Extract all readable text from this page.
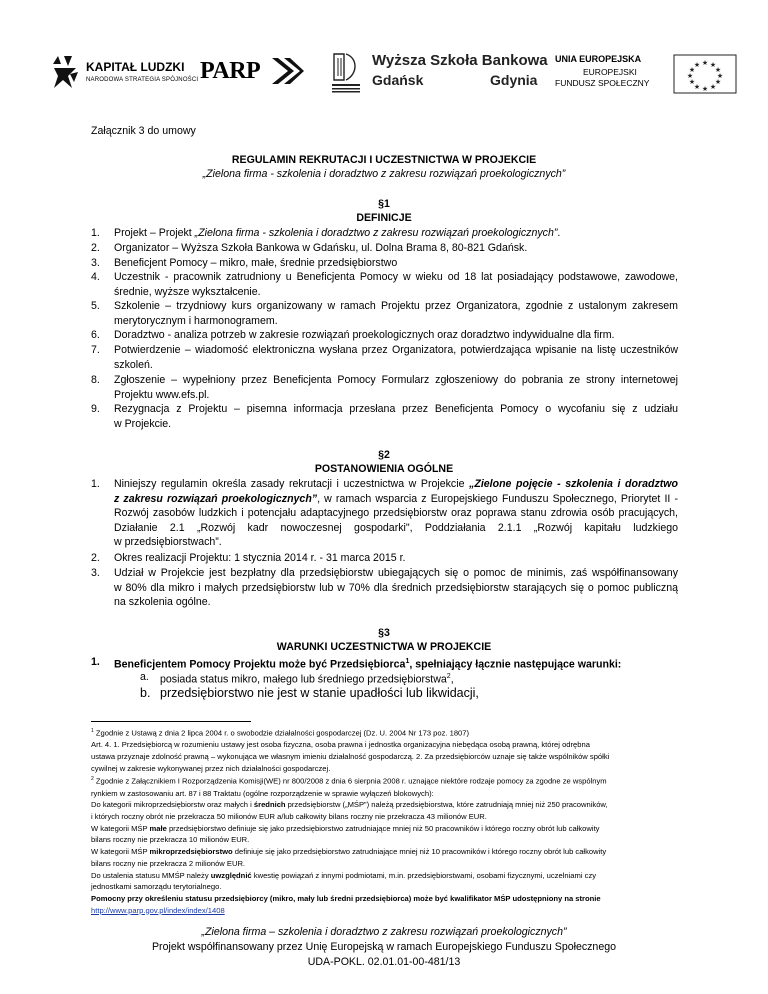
KAPITAŁ LUDZKI
NARODOWA STRATEGIA SPÓJNOŚCI PARP	Wyższa Szkoła Bankowa
Gdańsk	Gdynia
UNIA EUROPEJSKA
EUROPEJSKI
FUNDUSZ SPOŁECZNY
★ ★
★
★
★
★
★
★
★
★
★
★
Załącznik 3 do umowy
REGULAMIN REKRUTACJI I UCZESTNICTWA W PROJEKCIE
„Zielona firma - szkolenia i doradztwo z zakresu rozwiązań proekologicznych”
§1
DEFINICJE
1. Projekt – Projekt „Zielona firma - szkolenia i doradztwo z zakresu rozwiązań proekologicznych”.
2. Organizator – Wyższa Szkoła Bankowa w Gdańsku, ul. Dolna Brama 8, 80-821 Gdańsk.
3. Beneficjent Pomocy – mikro, małe, średnie przedsiębiorstwo
4. Uczestnik - pracownik zatrudniony u Beneficjenta Pomocy w wieku od 18 lat posiadający podstawowe, zawodowe,
średnie, wyższe wykształcenie.
5. Szkolenie – trzydniowy kurs organizowany w ramach Projektu przez Organizatora, zgodnie z ustalonym zakresem
merytorycznym i harmonogramem.
6. Doradztwo - analiza potrzeb w zakresie rozwiązań proekologicznych oraz doradztwo indywidualne dla firm.
7. Potwierdzenie – wiadomość elektroniczna wysłana przez Organizatora, potwierdzająca wpisanie na listę uczestników
szkoleń.
8. Zgłoszenie – wypełniony przez Beneficjenta Pomocy Formularz zgłoszeniowy do pobrania ze strony internetowej
Projektu www.efs.pl.
9. Rezygnacja z Projektu – pisemna informacja przesłana przez Beneficjenta Pomocy o wycofaniu się z udziału
w Projekcie.
§2
POSTANOWIENIA OGÓLNE
1. Niniejszy regulamin określa zasady rekrutacji i uczestnictwa w Projekcie „Zielone pojęcie - szkolenia i doradztwo
z zakresu rozwiązań proekologicznych”, w ramach wsparcia z Europejskiego Funduszu Społecznego, Priorytet II -
Rozwój zasobów ludzkich i potencjału adaptacyjnego przedsiębiorstw oraz poprawa stanu zdrowia osób pracujących,
Działanie 2.1 „Rozwój kadr nowoczesnej gospodarki", Poddziałania 2.1.1 „Rozwój kapitału ludzkiego
w przedsiębiorstwach”.
2. Okres realizacji Projektu: 1 stycznia 2014 r. - 31 marca 2015 r.
3. Udział w Projekcie jest bezpłatny dla przedsiębiorstw ubiegających się o pomoc de minimis, zaś współfinansowany
w 80% dla mikro i małych przedsiębiorstw lub w 70% dla średnich przedsiębiorstw starających się o pomoc publiczną
na szkolenia ogólne.
§3
WARUNKI UCZESTNICTWA W PROJEKCIE
1. Beneficjentem Pomocy Projektu może być Przedsiębiorca$^1$, spełniający łącznie następujące warunki:
a. posiada status mikro, małego lub średniego przedsiębiorstwa$^2$,
b. przedsiębiorstwo nie jest w stanie upadłości lub likwidacji,
$^1$ Zgodnie z Ustawą z dnia 2 lipca 2004 r. o swobodzie działalności gospodarczej (Dz. U. 2004 Nr 173 poz. 1807)
Art. 4. 1. Przedsiębiorcą w rozumieniu ustawy jest osoba fizyczna, osoba prawna i jednostka organizacyjna niebędąca osobą prawną, której odrębna
ustawa przyznaje zdolność prawną – wykonująca we własnym imieniu działalność gospodarczą. 2. Za przedsiębiorców uznaje się także wspólników spółki
cywilnej w zakresie wykonywanej przez nich działalności gospodarczej.
$^2$ Zgodnie z Załącznikiem I Rozporządzenia Komisji(WE) nr 800/2008 z dnia 6 sierpnia 2008 r. uznające niektóre rodzaje pomocy za zgodne ze wspólnym
rynkiem w zastosowaniu art. 87 i 88 Traktatu (ogólne rozporządzenie w sprawie wyłączeń blokowych):
Do kategorii mikroprzedsiębiorstw oraz małych i średnich przedsiębiorstw („MŚP”) należą przedsiębiorstwa, które zatrudniają mniej niż 250 pracowników,
i których roczny obrót nie przekracza 50 milionów EUR a/lub całkowity bilans roczny nie przekracza 43 milionów EUR.
W kategorii MŚP małe przedsiębiorstwo definiuje się jako przedsiębiorstwo zatrudniające mniej niż 50 pracowników i którego roczny obrót lub całkowity
bilans roczny nie przekracza 10 milionów EUR.
W kategorii MŚP mikroprzedsiębiorstwo definiuje się jako przedsiębiorstwo zatrudniające mniej niż 10 pracowników i którego roczny obrót lub całkowity
bilans roczny nie przekracza 2 milionów EUR.
Do ustalenia statusu MMŚP należy uwzględnić kwestię powiązań z innymi podmiotami, m.in. przedsiębiorstwami, osobami fizycznymi, uczelniami czy
jednostkami samorządu terytorialnego.
Pomocny przy określeniu statusu przedsiębiorcy (mikro, mały lub średni przedsiębiorca) może być kwalifikator MŚP udostępniony na stronie
http://www.parp.gov.pl/index/index/1408
„Zielona firma – szkolenia i doradztwo z zakresu rozwiązań proekologicznych”
Projekt współfinansowany przez Unię Europejską w ramach Europejskiego Funduszu Społecznego
UDA-POKL. 02.01.01-00-481/13
